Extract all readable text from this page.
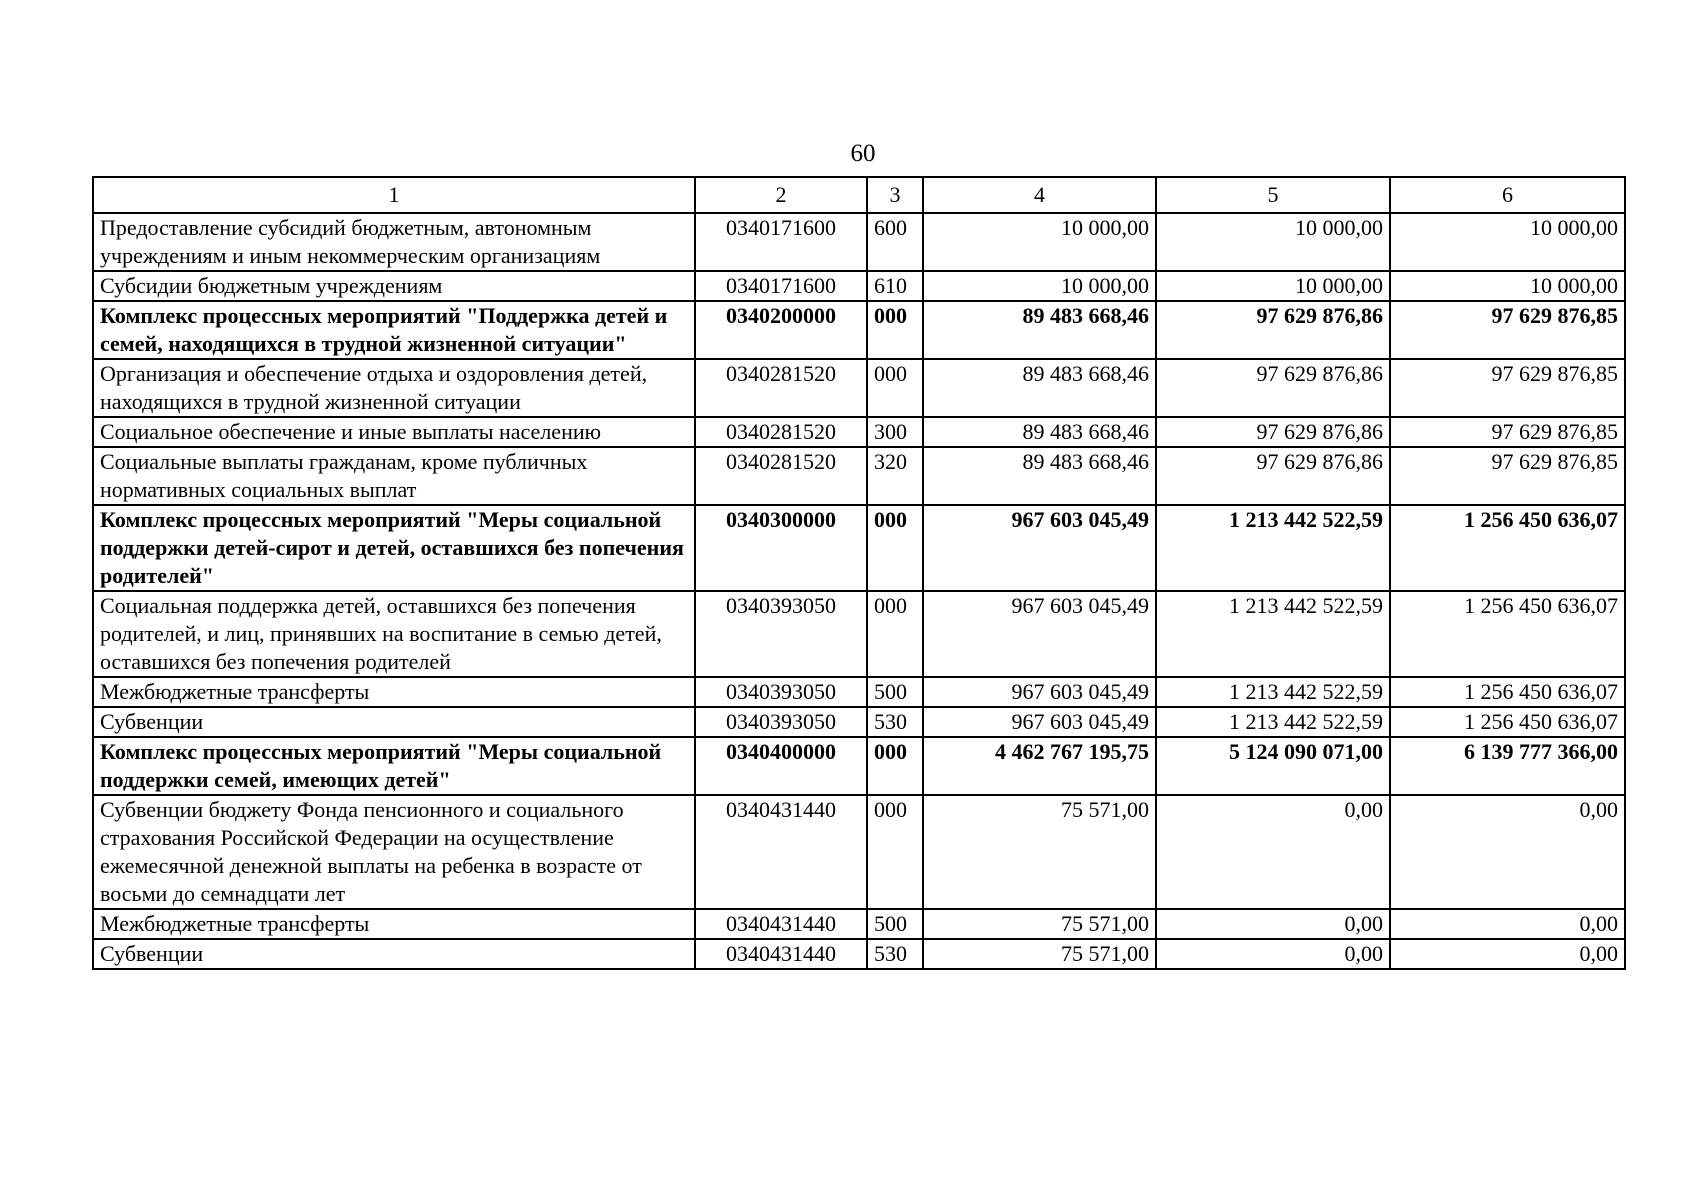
60
1	2	3	4	5	6
Предоставление субсидий бюджетным, автономным учреждениям и иным некоммерческим организациям	0340171600	600	10 000,00	10 000,00	10 000,00
Субсидии бюджетным учреждениям	0340171600	610	10 000,00	10 000,00	10 000,00
Комплекс процессных мероприятий "Поддержка детей и семей, находящихся в трудной жизненной ситуации"	0340200000	000	89 483 668,46	97 629 876,86	97 629 876,85
Организация и обеспечение отдыха и оздоровления детей, находящихся в трудной жизненной ситуации	0340281520	000	89 483 668,46	97 629 876,86	97 629 876,85
Социальное обеспечение и иные выплаты населению	0340281520	300	89 483 668,46	97 629 876,86	97 629 876,85
Социальные выплаты гражданам, кроме публичных нормативных социальных выплат	0340281520	320	89 483 668,46	97 629 876,86	97 629 876,85
Комплекс процессных мероприятий "Меры социальной поддержки детей-сирот и детей, оставшихся без попечения родителей"	0340300000	000	967 603 045,49	1 213 442 522,59	1 256 450 636,07
Социальная поддержка детей, оставшихся без попечения родителей, и лиц, принявших на воспитание в семью детей, оставшихся без попечения родителей	0340393050	000	967 603 045,49	1 213 442 522,59	1 256 450 636,07
Межбюджетные трансферты	0340393050	500	967 603 045,49	1 213 442 522,59	1 256 450 636,07
Субвенции	0340393050	530	967 603 045,49	1 213 442 522,59	1 256 450 636,07
Комплекс процессных мероприятий "Меры социальной поддержки семей, имеющих детей"	0340400000	000	4 462 767 195,75	5 124 090 071,00	6 139 777 366,00
Субвенции бюджету Фонда пенсионного и социального страхования Российской Федерации на осуществление ежемесячной денежной выплаты на ребенка в возрасте от восьми до семнадцати лет	0340431440	000	75 571,00	0,00	0,00
Межбюджетные трансферты	0340431440	500	75 571,00	0,00	0,00
Субвенции	0340431440	530	75 571,00	0,00	0,00
